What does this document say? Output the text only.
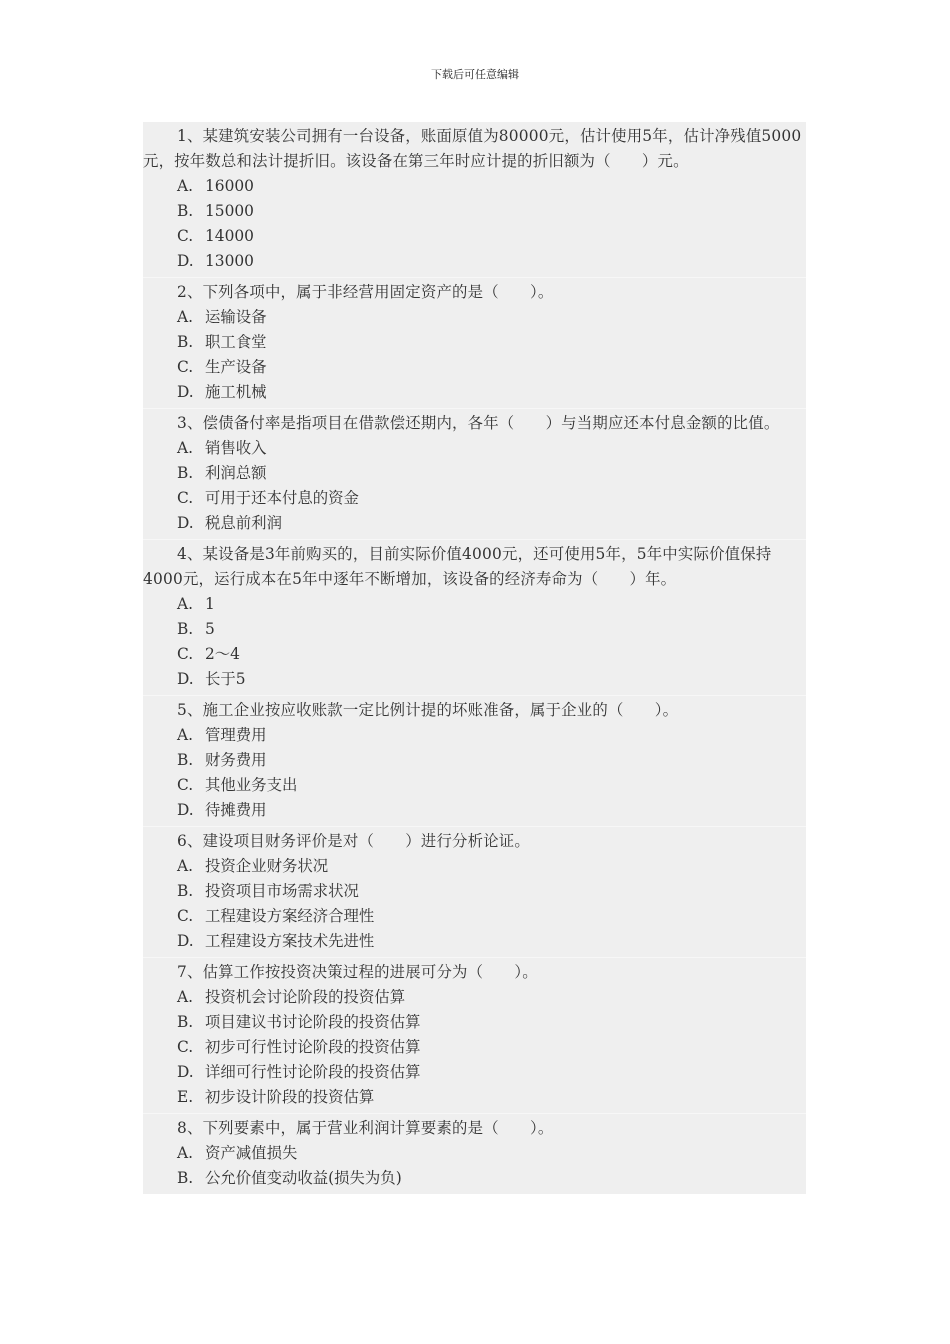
下载后可任意编辑

1、某建筑安装公司拥有一台设备，账面原值为80000元，估计使用5年，估计净残值5000元，按年数总和法计提折旧。该设备在第三年时应计提的折旧额为（　　）元。

A. 16000

B. 15000

C. 14000

D. 13000

2、下列各项中，属于非经营用固定资产的是（　　）。

A. 运输设备

B. 职工食堂

C. 生产设备

D. 施工机械

3、偿债备付率是指项目在借款偿还期内，各年（　　）与当期应还本付息金额的比值。

A. 销售收入

B. 利润总额

C. 可用于还本付息的资金

D. 税息前利润

4、某设备是3年前购买的，目前实际价值4000元，还可使用5年，5年中实际价值保持4000元，运行成本在5年中逐年不断增加，该设备的经济寿命为（　　）年。

A. 1

B. 5

C. 2～4

D. 长于5

5、施工企业按应收账款一定比例计提的坏账准备，属于企业的（　　）。

A. 管理费用

B. 财务费用

C. 其他业务支出

D. 待摊费用

6、建设项目财务评价是对（　　）进行分析论证。

A. 投资企业财务状况

B. 投资项目市场需求状况

C. 工程建设方案经济合理性

D. 工程建设方案技术先进性

7、估算工作按投资决策过程的进展可分为（　　）。

A. 投资机会讨论阶段的投资估算

B. 项目建议书讨论阶段的投资估算

C. 初步可行性讨论阶段的投资估算

D. 详细可行性讨论阶段的投资估算

E. 初步设计阶段的投资估算

8、下列要素中，属于营业利润计算要素的是（　　）。

A. 资产减值损失

B. 公允价值变动收益(损失为负)
